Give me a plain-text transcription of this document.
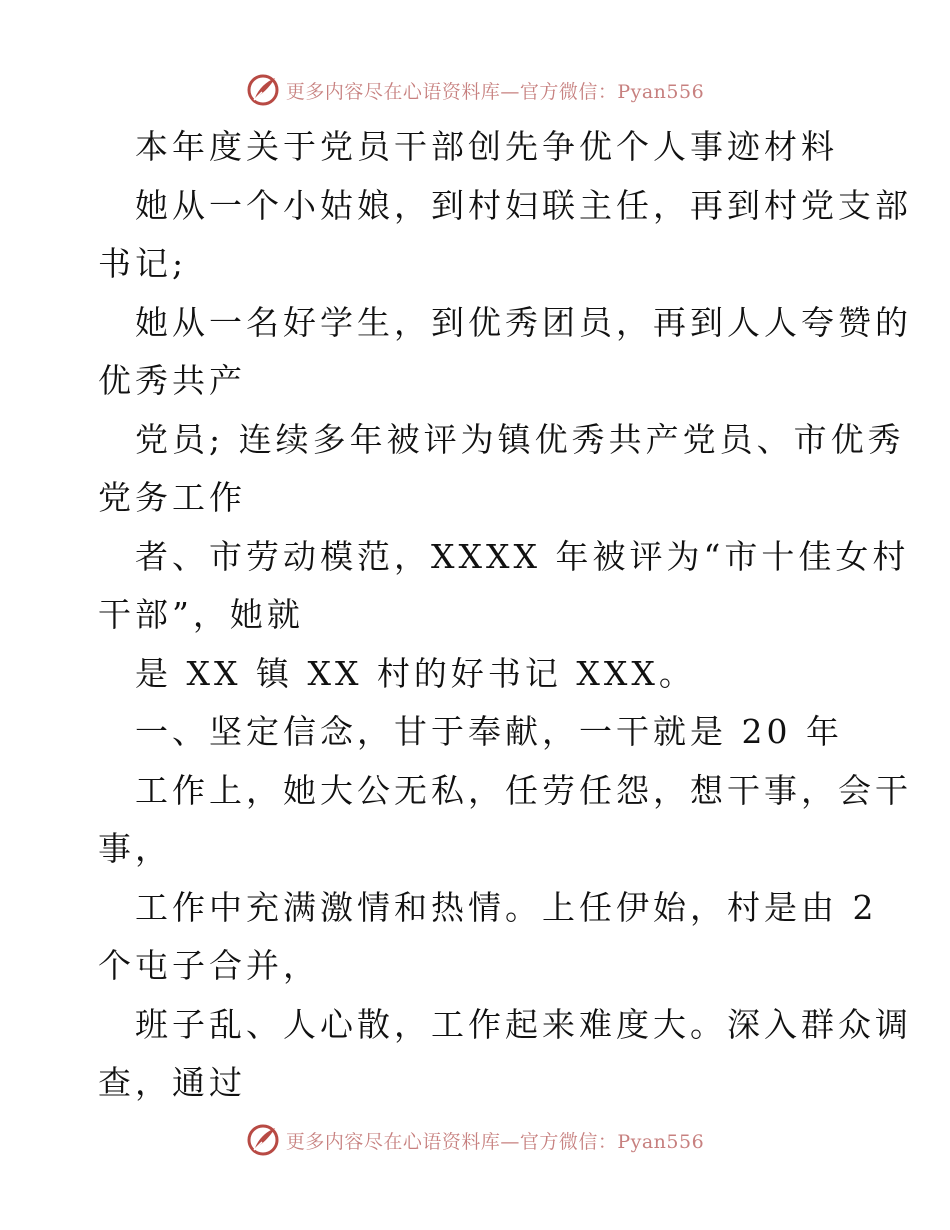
更多内容尽在心语资料库—官方微信：Pyan556
本年度关于党员干部创先争优个人事迹材料
她从一个小姑娘，到村妇联主任，再到村党支部
书记;
她从一名好学生，到优秀团员，再到人人夸赞的
优秀共产
党员; 连续多年被评为镇优秀共产党员、市优秀
党务工作
者、市劳动模范，XXXX 年被评为“市十佳女村
干部”，她就
是 XX 镇 XX 村的好书记 XXX。
一、坚定信念，甘于奉献，一干就是 20 年
工作上，她大公无私，任劳任怨，想干事，会干
事，
工作中充满激情和热情。上任伊始，村是由 2
个屯子合并，
班子乱、人心散，工作起来难度大。深入群众调
查，通过
更多内容尽在心语资料库—官方微信：Pyan556
